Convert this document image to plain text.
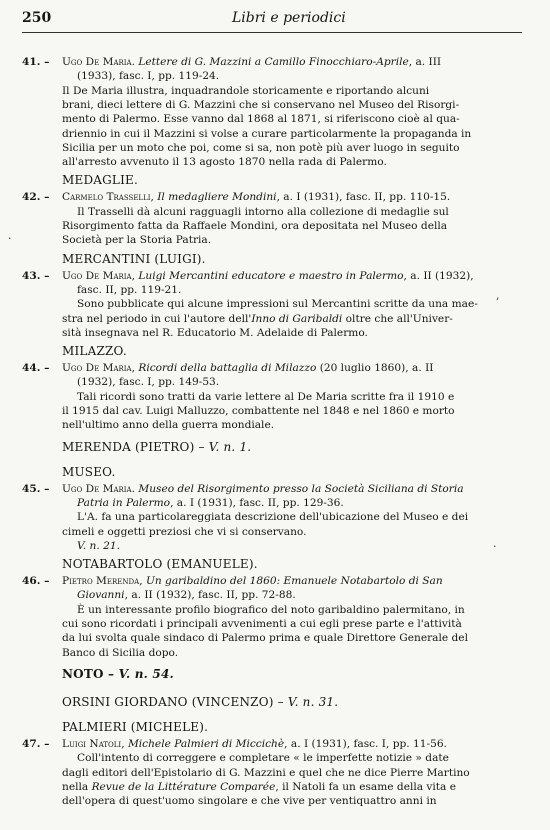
250	Libri e periodici
41. – Ugo De Maria. Lettere di G. Mazzini a Camillo Finocchiaro-Aprile, a. III
(1933), fasc. I, pp. 119-24.
Il De Maria illustra, inquadrandole storicamente e riportando alcuni
brani, dieci lettere di G. Mazzini che si conservano nel Museo del Risorgi-
mento di Palermo. Esse vanno dal 1868 al 1871, si riferiscono cioè al qua-
driennio in cui il Mazzini si volse a curare particolarmente la propaganda in
Sicilia per un moto che poi, come si sa, non potè più aver luogo in seguito
all'arresto avvenuto il 13 agosto 1870 nella rada di Palermo.
MEDAGLIE.
42. – Carmelo Trasselli, Il medagliere Mondini, a. I (1931), fasc. II, pp. 110-15.
Il Trasselli dà alcuni ragguagli intorno alla collezione di medaglie sul
Risorgimento fatta da Raffaele Mondini, ora depositata nel Museo della
Società per la Storia Patria.
MERCANTINI (LUIGI).
43. – Ugo De Maria, Luigi Mercantini educatore e maestro in Palermo, a. II (1932),
fasc. II, pp. 119-21.
Sono pubblicate qui alcune impressioni sul Mercantini scritte da una mae-
stra nel periodo in cui l'autore dell'Inno di Garibaldi oltre che all'Univer-
sità insegnava nel R. Educatorio M. Adelaide di Palermo.
MILAZZO.
44. – Ugo De Maria, Ricordi della battaglia di Milazzo (20 luglio 1860), a. II
(1932), fasc. I, pp. 149-53.
Tali ricordi sono tratti da varie lettere al De Maria scritte fra il 1910 e
il 1915 dal cav. Luigi Malluzzo, combattente nel 1848 e nel 1860 e morto
nell'ultimo anno della guerra mondiale.
MERENDA (PIETRO) – V. n. 1.
MUSEO.
45. – Ugo De Maria. Museo del Risorgimento presso la Società Siciliana di Storia
Patria in Palermo, a. I (1931), fasc. II, pp. 129-36.
L'A. fa una particolareggiata descrizione dell'ubicazione del Museo e dei
cimeli e oggetti preziosi che vi si conservano.
V. n. 21.
NOTABARTOLO (EMANUELE).
46. – Pietro Merenda, Un garibaldino del 1860: Emanuele Notabartolo di San
Giovanni, a. II (1932), fasc. II, pp. 72-88.
È un interessante profilo biografico del noto garibaldino palermitano, in
cui sono ricordati i principali avvenimenti a cui egli prese parte e l'attività
da lui svolta quale sindaco di Palermo prima e quale Direttore Generale del
Banco di Sicilia dopo.
NOTO – V. n. 54.
ORSINI GIORDANO (VINCENZO) – V. n. 31.
PALMIERI (MICHELE).
47. – Luigi Natoli, Michele Palmieri di Miccichè, a. I (1931), fasc. I, pp. 11-56.
Coll'intento di correggere e completare « le imperfette notizie » date
dagli editori dell'Epistolario di G. Mazzini e quel che ne dice Pierre Martino
nella Revue de la Littérature Comparée, il Natoli fa un esame della vita e
dell'opera di quest'uomo singolare e che vive per ventiquattro anni in
·
,
·
